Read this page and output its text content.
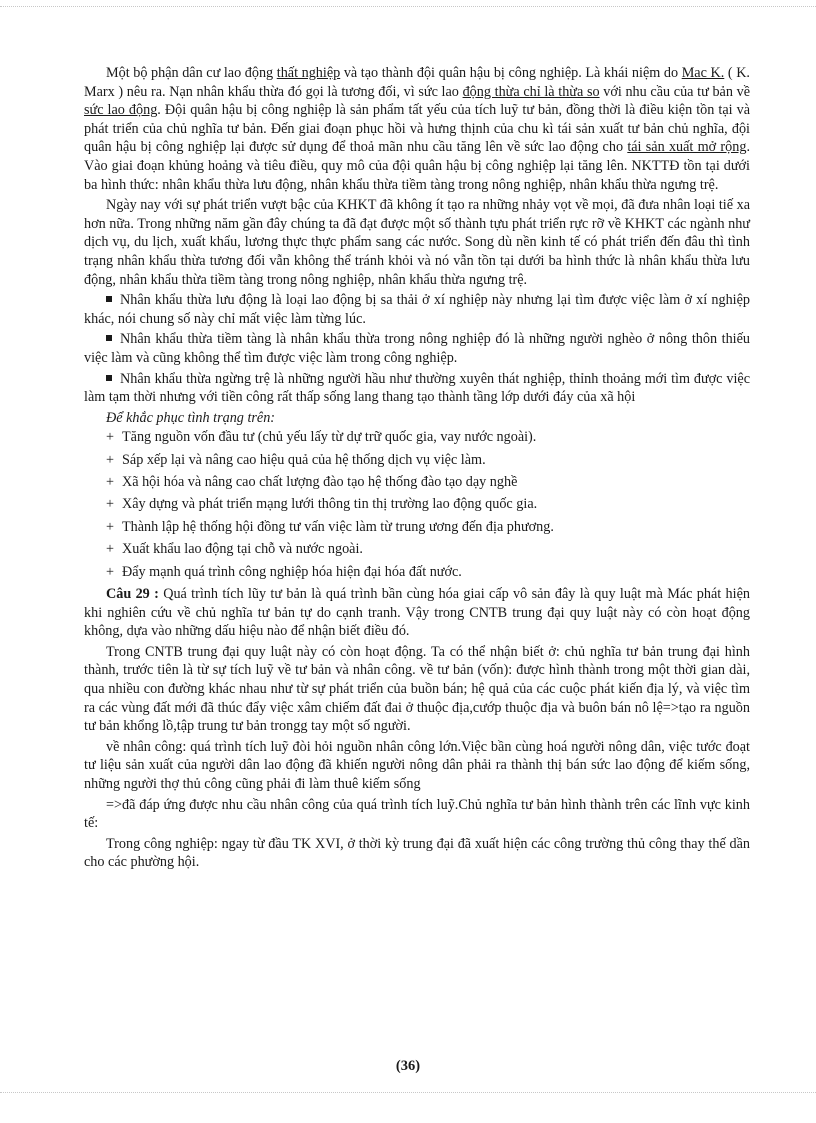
Một bộ phận dân cư lao động thất nghiệp và tạo thành đội quân hậu bị công nghiệp. Là khái niệm do Mac K. ( K. Marx ) nêu ra. Nạn nhân khẩu thừa đó gọi là tương đối, vì sức lao động thừa chỉ là thừa so với nhu cầu của tư bản về sức lao động. Đội quân hậu bị công nghiệp là sản phẩm tất yếu của tích luỹ tư bản, đồng thời là điều kiện tồn tại và phát triển của chủ nghĩa tư bản. Đến giai đoạn phục hồi và hưng thịnh của chu kì tái sản xuất tư bản chủ nghĩa, đội quân hậu bị công nghiệp lại được sử dụng để thoả mãn nhu cầu tăng lên về sức lao động cho tái sản xuất mở rộng. Vào giai đoạn khủng hoảng và tiêu điều, quy mô của đội quân hậu bị công nghiệp lại tăng lên. NKTTĐ tồn tại dưới ba hình thức: nhân khẩu thừa lưu động, nhân khẩu thừa tiềm tàng trong nông nghiệp, nhân khẩu thừa ngưng trệ.

Ngày nay với sự phát triển vượt bậc của KHKT đã không ít tạo ra những nhảy vọt về mọi, đã đưa nhân loại tiế xa hơn nữa. Trong những năm gần đây chúng ta đã đạt được một số thành tựu phát triển rực rỡ về KHKT các ngành như dịch vụ, du lịch, xuất khẩu, lương thực thực phẩm sang các nước. Song dù nền kinh tế có phát triển đến đâu thì tình trạng nhân khẩu thừa tương đối vẫn không thể tránh khỏi và nó vẫn tồn tại dưới ba hình thức là nhân khẩu thừa lưu động, nhân khẩu thừa tiềm tàng trong nông nghiệp, nhân khẩu thừa ngưng trệ.

Nhân khẩu thừa lưu động là loại lao động bị sa thải ở xí nghiệp này nhưng lại tìm được việc làm ở xí nghiệp khác, nói chung số này chỉ mất việc làm từng lúc.

Nhân khẩu thừa tiềm tàng là nhân khẩu thừa trong nông nghiệp đó là những người nghèo ở nông thôn thiếu việc làm và cũng không thể tìm được việc làm trong công nghiệp.

Nhân khẩu thừa ngừng trệ là những người hầu như thường xuyên thát nghiệp, thỉnh thoảng mới tìm được việc làm tạm thời nhưng với tiền công rất thấp sống lang thang tạo thành tầng lớp dưới đáy của xã hội

Để khắc phục tình trạng trên:

+ Tăng nguồn vốn đầu tư (chủ yếu lấy từ dự trữ quốc gia, vay nước ngoài).

+ Sáp xếp lại và nâng cao hiệu quả của hệ thống dịch vụ việc làm.

+ Xã hội hóa và nâng cao chất lượng đào tạo hệ thống đào tạo dạy nghề

+ Xây dựng và phát triển mạng lưới thông tin thị trường lao động quốc gia.

+ Thành lập hệ thống hội đồng tư vấn việc làm từ trung ương đến địa phương.

+ Xuất khẩu lao động tại chỗ và nước ngoài.

+ Đẩy mạnh quá trình công nghiệp hóa hiện đại hóa đất nước.

Câu 29 : Quá trình tích lũy tư bản là quá trình bần cùng hóa giai cấp vô sản đây là quy luật mà Mác phát hiện khi nghiên cứu về chủ nghĩa tư bản tự do cạnh tranh. Vậy trong CNTB trung đại quy luật này có còn hoạt động không, dựa vào những dấu hiệu nào để nhận biết điều đó.

Trong CNTB trung đại quy luật này có còn hoạt động. Ta có thể nhận biết ở: chủ nghĩa tư bản trung đại hình thành, trước tiên là từ sự tích luỹ về tư bản và nhân công. về tư bản (vốn): được hình thành trong một thời gian dài, qua nhiều con đường khác nhau như từ sự phát triển của buồn bán; hệ quả của các cuộc phát kiến địa lý, và việc tìm ra các vùng đất mới đã thúc đẩy việc xâm chiếm đất đai ở thuộc địa,cướp thuộc địa và buôn bán nô lệ=>tạo ra nguồn tư bản khổng lồ,tập trung tư bản trongg tay một số người.

về nhân công: quá trình tích luỹ đòi hỏi nguồn nhân công lớn.Việc bần cùng hoá người nông dân, việc tước đoạt tư liệu sản xuất của người dân lao động đã khiến người nông dân phải ra thành thị bán sức lao động để kiếm sống, những người thợ thủ công cũng phải đi làm thuê kiếm sống

=>đã đáp ứng được nhu cầu nhân công của quá trình tích luỹ.Chủ nghĩa tư bản hình thành trên các lĩnh vực kinh tế:

Trong công nghiệp: ngay từ đầu TK XVI, ở thời kỳ trung đại đã xuất hiện các công trường thủ công thay thế dần cho các phường hội.

(36)
